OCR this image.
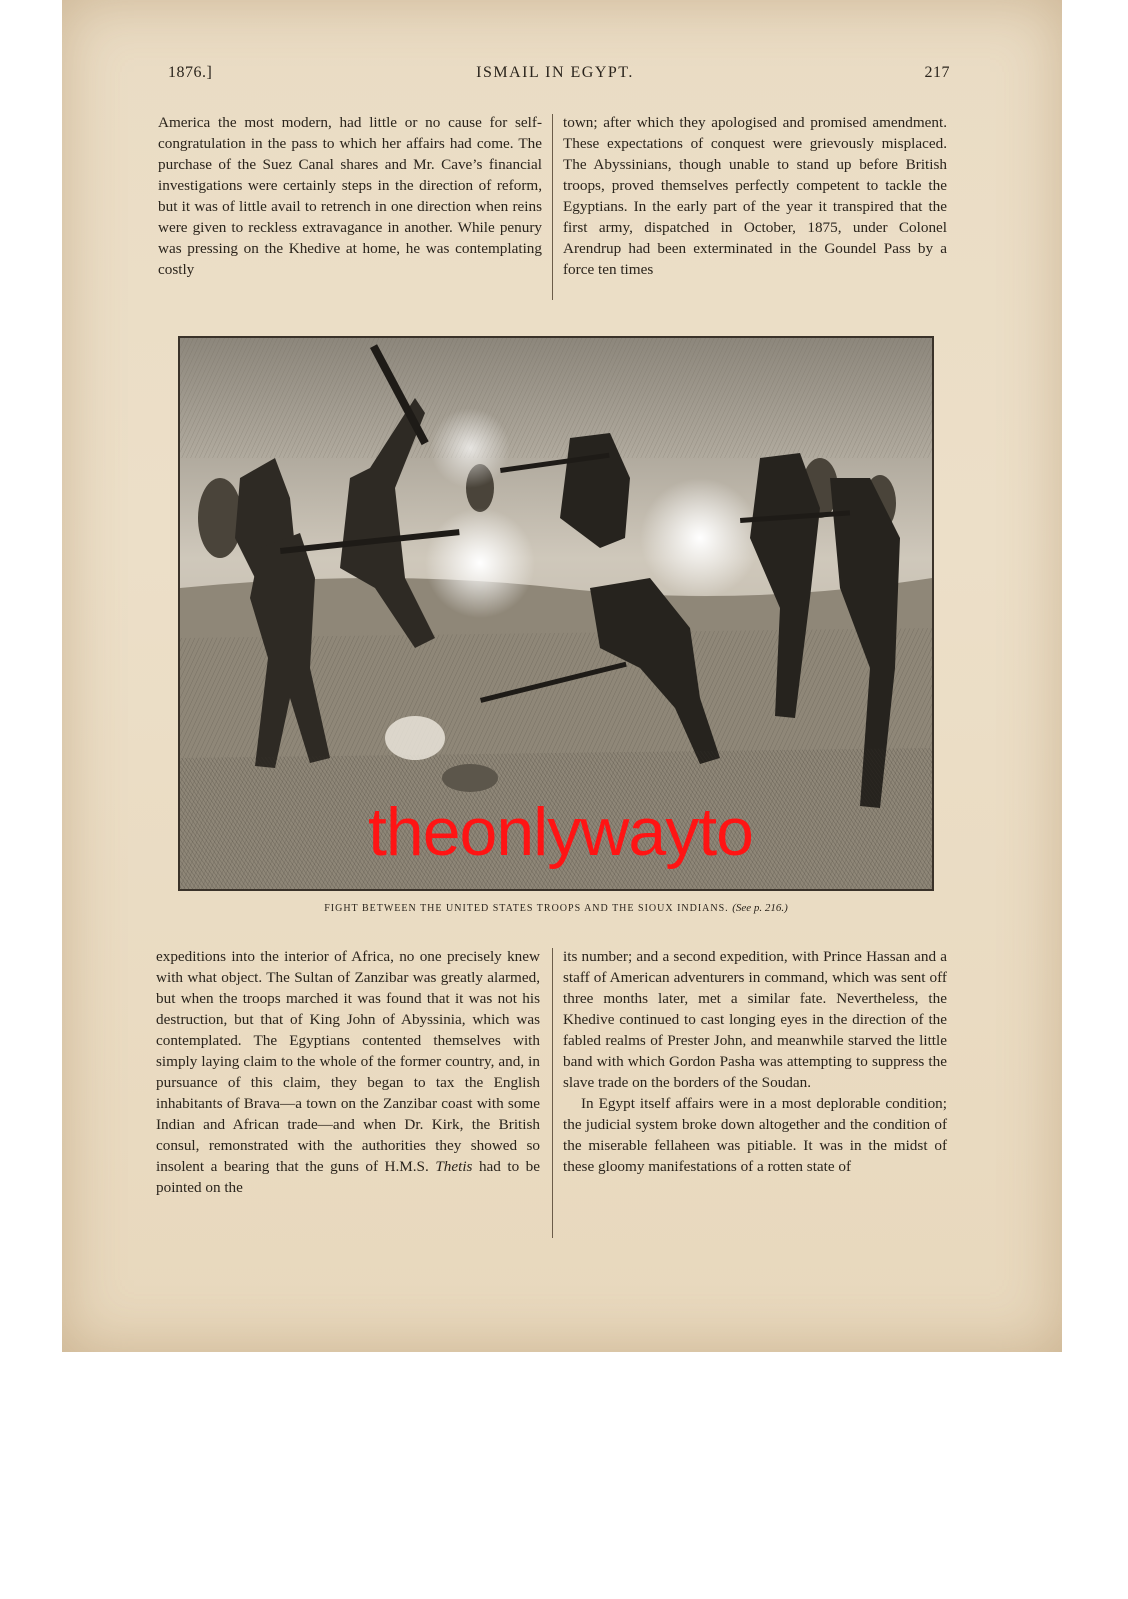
1876.]	ISMAIL IN EGYPT.	217

America the most modern, had little or no cause for self-congratulation in the pass to which her affairs had come. The purchase of the Suez Canal shares and Mr. Cave’s financial investigations were certainly steps in the direction of reform, but it was of little avail to retrench in one direction when reins were given to reckless extravagance in another. While penury was pressing on the Khedive at home, he was contemplating costly

town; after which they apologised and promised amendment. These expectations of conquest were grievously misplaced. The Abyssinians, though unable to stand up before British troops, proved themselves perfectly competent to tackle the Egyptians. In the early part of the year it transpired that the first army, dispatched in October, 1875, under Colonel Arendrup had been exterminated in the Goundel Pass by a force ten times

theonlywayto
FIGHT BETWEEN THE UNITED STATES TROOPS AND THE SIOUX INDIANS. (See p. 216.)

expeditions into the interior of Africa, no one precisely knew with what object. The Sultan of Zanzibar was greatly alarmed, but when the troops marched it was found that it was not his destruction, but that of King John of Abyssinia, which was contemplated. The Egyptians contented themselves with simply laying claim to the whole of the former country, and, in pursuance of this claim, they began to tax the English inhabitants of Brava—a town on the Zanzibar coast with some Indian and African trade—and when Dr. Kirk, the British consul, remonstrated with the authorities they showed so insolent a bearing that the guns of H.M.S. Thetis had to be pointed on the

its number; and a second expedition, with Prince Hassan and a staff of American adventurers in command, which was sent off three months later, met a similar fate. Nevertheless, the Khedive continued to cast longing eyes in the direction of the fabled realms of Prester John, and meanwhile starved the little band with which Gordon Pasha was attempting to suppress the slave trade on the borders of the Soudan.

In Egypt itself affairs were in a most deplorable condition; the judicial system broke down altogether and the condition of the miserable fellaheen was pitiable. It was in the midst of these gloomy manifestations of a rotten state of
